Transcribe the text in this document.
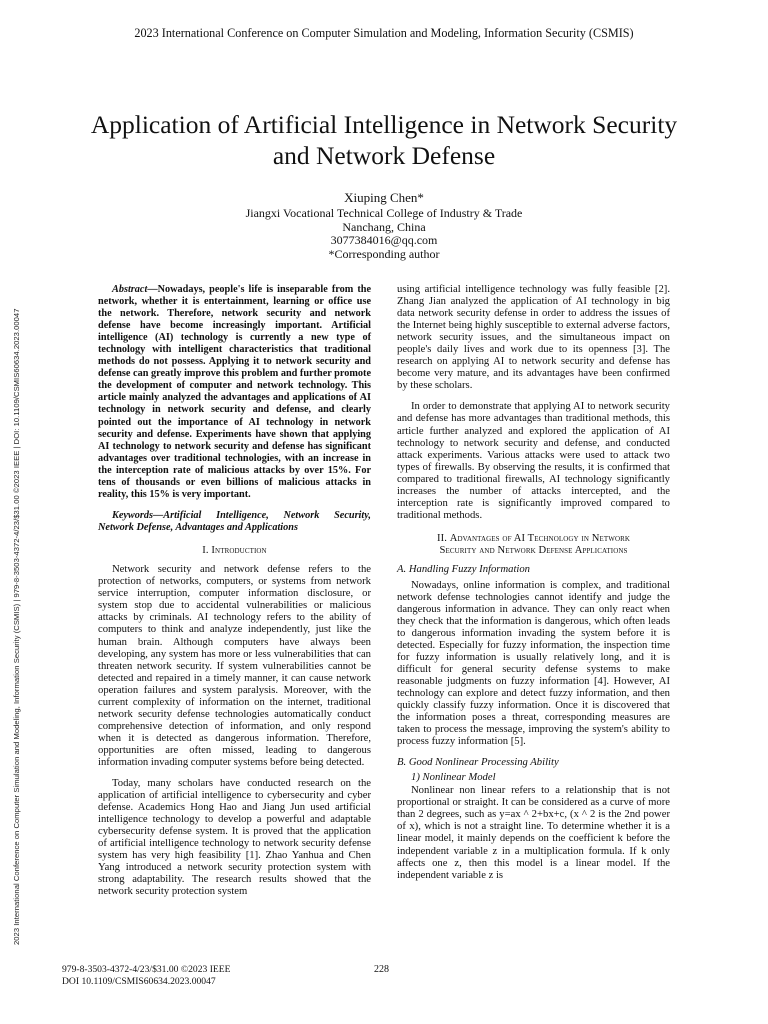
2023 International Conference on Computer Simulation and Modeling, Information Security (CSMIS)
2023 International Conference on Computer Simulation and Modeling, Information Security (CSMIS) | 979-8-3503-4372-4/23/$31.00 ©2023 IEEE | DOI: 10.1109/CSMIS60634.2023.00047
Application of Artificial Intelligence in Network Security and Network Defense
Xiuping Chen*
Jiangxi Vocational Technical College of Industry & Trade
Nanchang, China
3077384016@qq.com
*Corresponding author

Abstract—Nowadays, people's life is inseparable from the network, whether it is entertainment, learning or office use the network. Therefore, network security and network defense have become increasingly important. Artificial intelligence (AI) technology is currently a new type of technology with intelligent characteristics that traditional methods do not possess. Applying it to network security and defense can greatly improve this problem and further promote the development of computer and network technology. This article mainly analyzed the advantages and applications of AI technology in network security and defense, and clearly pointed out the importance of AI technology in network security and defense. Experiments have shown that applying AI technology to network security and defense has significant advantages over traditional technologies, with an increase in the interception rate of malicious attacks by over 15%. For tens of thousands or even billions of malicious attacks in reality, this 15% is very important.

Keywords—Artificial Intelligence, Network Security, Network Defense, Advantages and Applications

I. Introduction

Network security and network defense refers to the protection of networks, computers, or systems from network service interruption, computer information disclosure, or system stop due to accidental vulnerabilities or malicious attacks by criminals. AI technology refers to the ability of computers to think and analyze independently, just like the human brain. Although computers have always been developing, any system has more or less vulnerabilities that can threaten network security. If system vulnerabilities cannot be detected and repaired in a timely manner, it can cause network operation failures and system paralysis. Moreover, with the current complexity of information on the internet, traditional network security defense technologies automatically conduct comprehensive detection of information, and only respond when it is detected as dangerous information. Therefore, opportunities are often missed, leading to dangerous information invading computer systems before being detected.

Today, many scholars have conducted research on the application of artificial intelligence to cybersecurity and cyber defense. Academics Hong Hao and Jiang Jun used artificial intelligence technology to develop a powerful and adaptable cybersecurity defense system. It is proved that the application of artificial intelligence technology to network security defense system has very high feasibility [1]. Zhao Yanhua and Chen Yang introduced a network security protection system with strong adaptability. The research results showed that the network security protection system

using artificial intelligence technology was fully feasible [2]. Zhang Jian analyzed the application of AI technology in big data network security defense in order to address the issues of the Internet being highly susceptible to external adverse factors, network security issues, and the simultaneous impact on people's daily lives and work due to its openness [3]. The research on applying AI to network security and defense has become very mature, and its advantages have been confirmed by these scholars.

In order to demonstrate that applying AI to network security and defense has more advantages than traditional methods, this article further analyzed and explored the application of AI technology to network security and defense, and conducted attack experiments. Various attacks were used to attack two types of firewalls. By observing the results, it is confirmed that compared to traditional firewalls, AI technology significantly increases the number of attacks intercepted, and the interception rate is significantly improved compared to traditional methods.

II. Advantages of AI Technology in Network
Security and Network Defense Applications
A. Handling Fuzzy Information

Nowadays, online information is complex, and traditional network defense technologies cannot identify and judge the dangerous information in advance. They can only react when they check that the information is dangerous, which often leads to dangerous information invading the system before it is detected. Especially for fuzzy information, the inspection time for fuzzy information is usually relatively long, and it is difficult for general security defense systems to make reasonable judgments on fuzzy information [4]. However, AI technology can explore and detect fuzzy information, and then quickly classify fuzzy information. Once it is discovered that the information poses a threat, corresponding measures are taken to process the message, improving the system's ability to process fuzzy information [5].

B. Good Nonlinear Processing Ability
1) Nonlinear Model

Nonlinear non linear refers to a relationship that is not proportional or straight. It can be considered as a curve of more than 2 degrees, such as y=ax ^ 2+bx+c, (x ^ 2 is the 2nd power of x), which is not a straight line. To determine whether it is a linear model, it mainly depends on the coefficient k before the independent variable z in a multiplication formula. If k only affects one z, then this model is a linear model. If the independent variable z is

979-8-3503-4372-4/23/$31.00 ©2023 IEEE
DOI 10.1109/CSMIS60634.2023.00047
228
